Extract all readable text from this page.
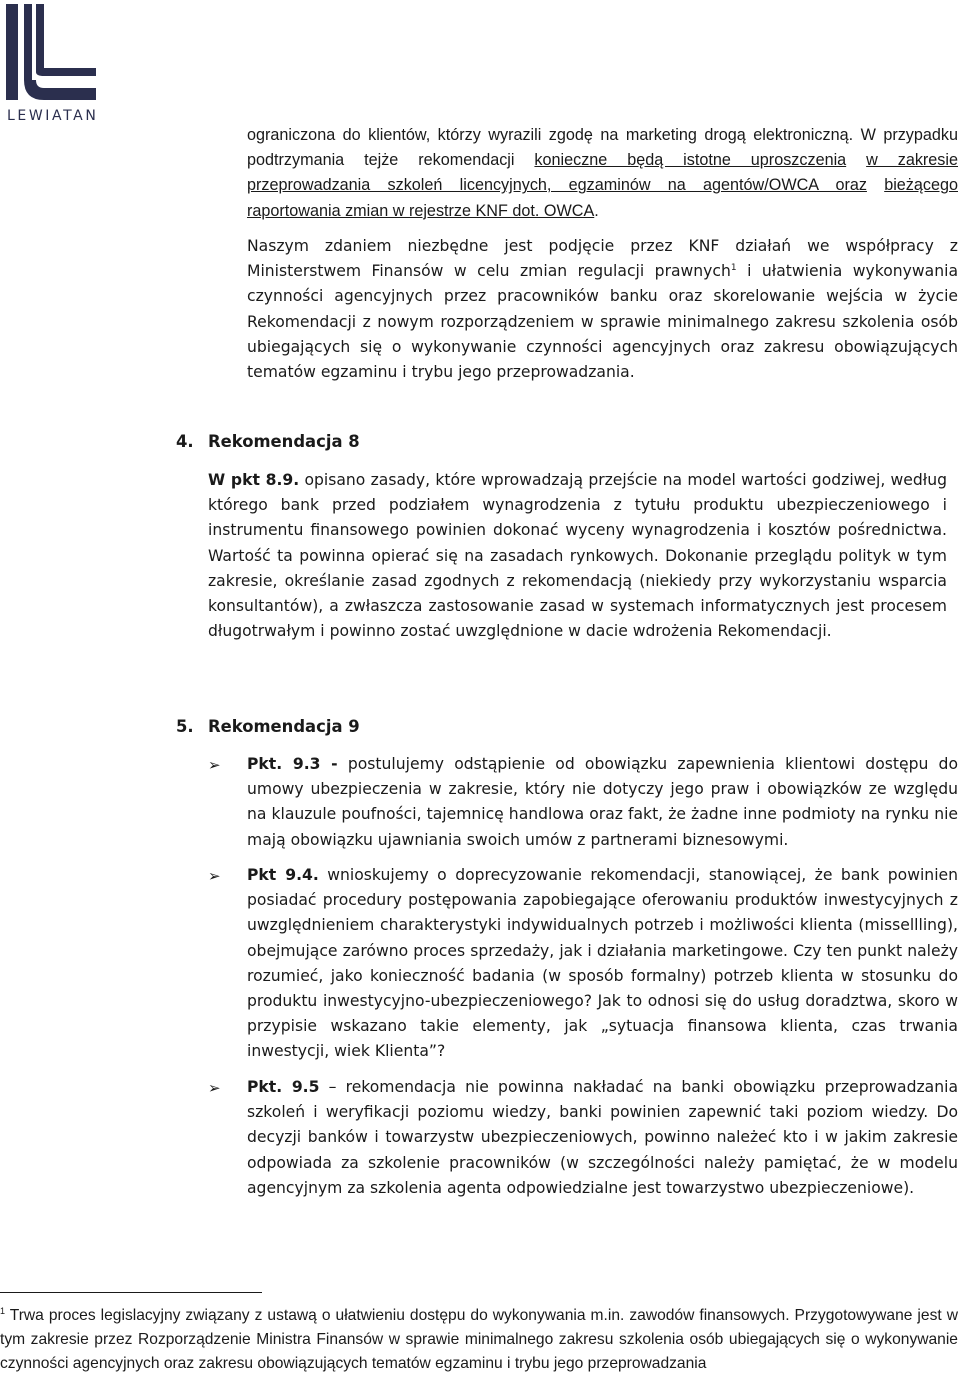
LEWIATAN

ograniczona do klientów, którzy wyrazili zgodę na marketing drogą elektroniczną. W przypadku podtrzymania tejże rekomendacji konieczne będą istotne uproszczenia w zakresie przeprowadzania szkoleń licencyjnych, egzaminów na agentów/OWCA oraz bieżącego raportowania zmian w rejestrze KNF dot. OWCA.

Naszym zdaniem niezbędne jest podjęcie przez KNF działań we współpracy z Ministerstwem Finansów w celu zmian regulacji prawnych$^1$ i ułatwienia wykonywania czynności agencyjnych przez pracowników banku oraz skorelowanie wejścia w życie Rekomendacji z nowym rozporządzeniem w sprawie minimalnego zakresu szkolenia osób ubiegających się o wykonywanie czynności agencyjnych oraz zakresu obowiązujących tematów egzaminu i trybu jego przeprowadzania.

4. Rekomendacja 8

W pkt 8.9. opisano zasady, które wprowadzają przejście na model wartości godziwej, według którego bank przed podziałem wynagrodzenia z tytułu produktu ubezpieczeniowego i instrumentu finansowego powinien dokonać wyceny wynagrodzenia i kosztów pośrednictwa. Wartość ta powinna opierać się na zasadach rynkowych. Dokonanie przeglądu polityk w tym zakresie, określanie zasad zgodnych z rekomendacją (niekiedy przy wykorzystaniu wsparcia konsultantów), a zwłaszcza zastosowanie zasad w systemach informatycznych jest procesem długotrwałym i powinno zostać uwzględnione w dacie wdrożenia Rekomendacji.

5. Rekomendacja 9
➢ Pkt. 9.3 - postulujemy odstąpienie od obowiązku zapewnienia klientowi dostępu do umowy ubezpieczenia w zakresie, który nie dotyczy jego praw i obowiązków ze względu na klauzule poufności, tajemnicę handlowa oraz fakt, że żadne inne podmioty na rynku nie mają obowiązku ujawniania swoich umów z partnerami biznesowymi.

➢ Pkt 9.4. wnioskujemy o doprecyzowanie rekomendacji, stanowiącej, że bank powinien posiadać procedury postępowania zapobiegające oferowaniu produktów inwestycyjnych z uwzględnieniem charakterystyki indywidualnych potrzeb i możliwości klienta (missellling), obejmujące zarówno proces sprzedaży, jak i działania marketingowe. Czy ten punkt należy rozumieć, jako konieczność badania (w sposób formalny) potrzeb klienta w stosunku do produktu inwestycyjno-ubezpieczeniowego? Jak to odnosi się do usług doradztwa, skoro w przypisie wskazano takie elementy, jak „sytuacja finansowa klienta, czas trwania inwestycji, wiek Klienta”?

➢ Pkt. 9.5 – rekomendacja nie powinna nakładać na banki obowiązku przeprowadzania szkoleń i weryfikacji poziomu wiedzy, banki powinien zapewnić taki poziom wiedzy. Do decyzji banków i towarzystw ubezpieczeniowych, powinno należeć kto i w jakim zakresie odpowiada za szkolenie pracowników (w szczególności należy pamiętać, że w modelu agencyjnym za szkolenia agenta odpowiedzialne jest towarzystwo ubezpieczeniowe).

$^1$ Trwa proces legislacyjny związany z ustawą o ułatwieniu dostępu do wykonywania m.in. zawodów finansowych. Przygotowywane jest w tym zakresie przez Rozporządzenie Ministra Finansów w sprawie minimalnego zakresu szkolenia osób ubiegających się o wykonywanie czynności agencyjnych oraz zakresu obowiązujących tematów egzaminu i trybu jego przeprowadzania
